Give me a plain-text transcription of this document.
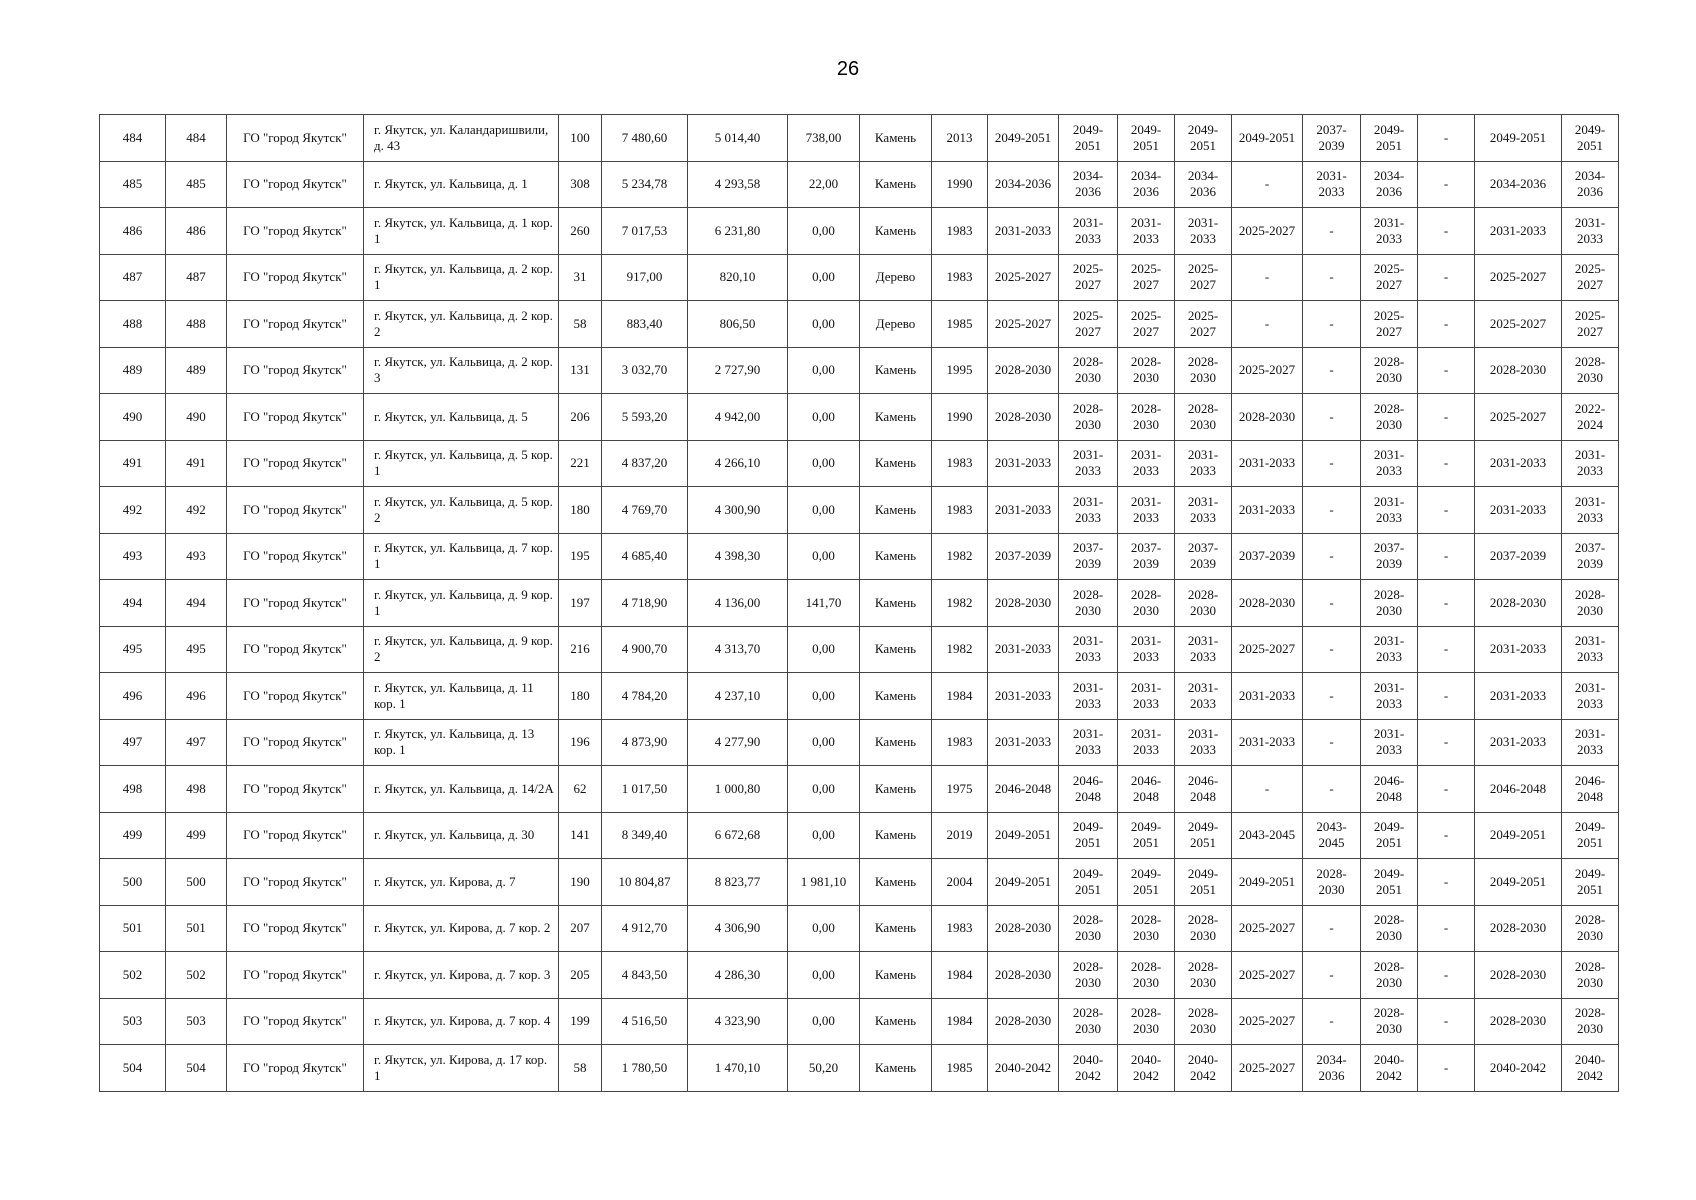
26
484	484	ГО "город Якутск"	г. Якутск, ул. Каландаришвили, д. 43	100	7 480,60	5 014,40	738,00	Камень	2013	2049-2051	2049-2051	2049-2051	2049-2051	2049-2051	2037-2039	2049-2051	-	2049-2051	2049-2051
485	485	ГО "город Якутск"	г. Якутск, ул. Кальвица, д. 1	308	5 234,78	4 293,58	22,00	Камень	1990	2034-2036	2034-2036	2034-2036	2034-2036	-	2031-2033	2034-2036	-	2034-2036	2034-2036
486	486	ГО "город Якутск"	г. Якутск, ул. Кальвица, д. 1 кор. 1	260	7 017,53	6 231,80	0,00	Камень	1983	2031-2033	2031-2033	2031-2033	2031-2033	2025-2027	-	2031-2033	-	2031-2033	2031-2033
487	487	ГО "город Якутск"	г. Якутск, ул. Кальвица, д. 2 кор. 1	31	917,00	820,10	0,00	Дерево	1983	2025-2027	2025-2027	2025-2027	2025-2027	-	-	2025-2027	-	2025-2027	2025-2027
488	488	ГО "город Якутск"	г. Якутск, ул. Кальвица, д. 2 кор. 2	58	883,40	806,50	0,00	Дерево	1985	2025-2027	2025-2027	2025-2027	2025-2027	-	-	2025-2027	-	2025-2027	2025-2027
489	489	ГО "город Якутск"	г. Якутск, ул. Кальвица, д. 2 кор. 3	131	3 032,70	2 727,90	0,00	Камень	1995	2028-2030	2028-2030	2028-2030	2028-2030	2025-2027	-	2028-2030	-	2028-2030	2028-2030
490	490	ГО "город Якутск"	г. Якутск, ул. Кальвица, д. 5	206	5 593,20	4 942,00	0,00	Камень	1990	2028-2030	2028-2030	2028-2030	2028-2030	2028-2030	-	2028-2030	-	2025-2027	2022-2024
491	491	ГО "город Якутск"	г. Якутск, ул. Кальвица, д. 5 кор. 1	221	4 837,20	4 266,10	0,00	Камень	1983	2031-2033	2031-2033	2031-2033	2031-2033	2031-2033	-	2031-2033	-	2031-2033	2031-2033
492	492	ГО "город Якутск"	г. Якутск, ул. Кальвица, д. 5 кор. 2	180	4 769,70	4 300,90	0,00	Камень	1983	2031-2033	2031-2033	2031-2033	2031-2033	2031-2033	-	2031-2033	-	2031-2033	2031-2033
493	493	ГО "город Якутск"	г. Якутск, ул. Кальвица, д. 7 кор. 1	195	4 685,40	4 398,30	0,00	Камень	1982	2037-2039	2037-2039	2037-2039	2037-2039	2037-2039	-	2037-2039	-	2037-2039	2037-2039
494	494	ГО "город Якутск"	г. Якутск, ул. Кальвица, д. 9 кор. 1	197	4 718,90	4 136,00	141,70	Камень	1982	2028-2030	2028-2030	2028-2030	2028-2030	2028-2030	-	2028-2030	-	2028-2030	2028-2030
495	495	ГО "город Якутск"	г. Якутск, ул. Кальвица, д. 9 кор. 2	216	4 900,70	4 313,70	0,00	Камень	1982	2031-2033	2031-2033	2031-2033	2031-2033	2025-2027	-	2031-2033	-	2031-2033	2031-2033
496	496	ГО "город Якутск"	г. Якутск, ул. Кальвица, д. 11 кор. 1	180	4 784,20	4 237,10	0,00	Камень	1984	2031-2033	2031-2033	2031-2033	2031-2033	2031-2033	-	2031-2033	-	2031-2033	2031-2033
497	497	ГО "город Якутск"	г. Якутск, ул. Кальвица, д. 13 кор. 1	196	4 873,90	4 277,90	0,00	Камень	1983	2031-2033	2031-2033	2031-2033	2031-2033	2031-2033	-	2031-2033	-	2031-2033	2031-2033
498	498	ГО "город Якутск"	г. Якутск, ул. Кальвица, д. 14/2А	62	1 017,50	1 000,80	0,00	Камень	1975	2046-2048	2046-2048	2046-2048	2046-2048	-	-	2046-2048	-	2046-2048	2046-2048
499	499	ГО "город Якутск"	г. Якутск, ул. Кальвица, д. 30	141	8 349,40	6 672,68	0,00	Камень	2019	2049-2051	2049-2051	2049-2051	2049-2051	2043-2045	2043-2045	2049-2051	-	2049-2051	2049-2051
500	500	ГО "город Якутск"	г. Якутск, ул. Кирова, д. 7	190	10 804,87	8 823,77	1 981,10	Камень	2004	2049-2051	2049-2051	2049-2051	2049-2051	2049-2051	2028-2030	2049-2051	-	2049-2051	2049-2051
501	501	ГО "город Якутск"	г. Якутск, ул. Кирова, д. 7 кор. 2	207	4 912,70	4 306,90	0,00	Камень	1983	2028-2030	2028-2030	2028-2030	2028-2030	2025-2027	-	2028-2030	-	2028-2030	2028-2030
502	502	ГО "город Якутск"	г. Якутск, ул. Кирова, д. 7 кор. 3	205	4 843,50	4 286,30	0,00	Камень	1984	2028-2030	2028-2030	2028-2030	2028-2030	2025-2027	-	2028-2030	-	2028-2030	2028-2030
503	503	ГО "город Якутск"	г. Якутск, ул. Кирова, д. 7 кор. 4	199	4 516,50	4 323,90	0,00	Камень	1984	2028-2030	2028-2030	2028-2030	2028-2030	2025-2027	-	2028-2030	-	2028-2030	2028-2030
504	504	ГО "город Якутск"	г. Якутск, ул. Кирова, д. 17 кор. 1	58	1 780,50	1 470,10	50,20	Камень	1985	2040-2042	2040-2042	2040-2042	2040-2042	2025-2027	2034-2036	2040-2042	-	2040-2042	2040-2042
